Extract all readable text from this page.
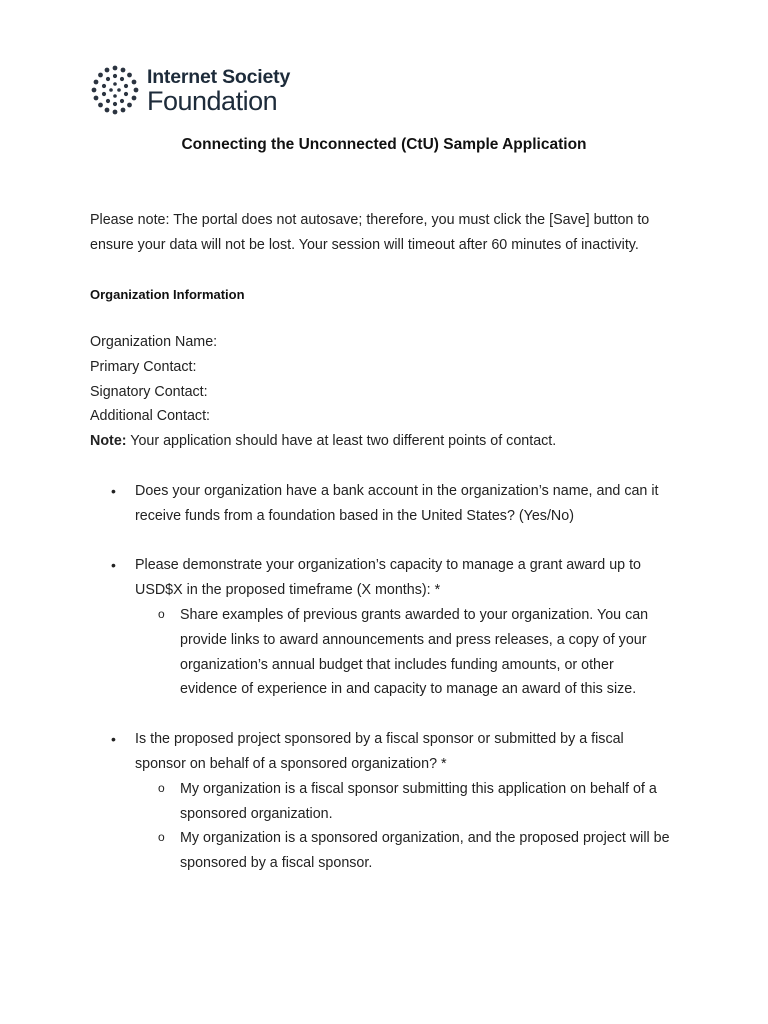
Internet Society
Foundation
Connecting the Unconnected (CtU) Sample Application
Please note: The portal does not autosave; therefore, you must click the [Save] button to
ensure your data will not be lost. Your session will timeout after 60 minutes of inactivity.
Organization Information
Organization Name:
Primary Contact:
Signatory Contact:
Additional Contact:
Note: Your application should have at least two different points of contact.
• Does your organization have a bank account in the organization’s name, and can it
receive funds from a foundation based in the United States? (Yes/No)
• Please demonstrate your organization’s capacity to manage a grant award up to
USD$X in the proposed timeframe (X months): *
o Share examples of previous grants awarded to your organization. You can
provide links to award announcements and press releases, a copy of your
organization’s annual budget that includes funding amounts, or other
evidence of experience in and capacity to manage an award of this size.
• Is the proposed project sponsored by a fiscal sponsor or submitted by a fiscal
sponsor on behalf of a sponsored organization? *
o My organization is a fiscal sponsor submitting this application on behalf of a
sponsored organization.
o My organization is a sponsored organization, and the proposed project will be
sponsored by a fiscal sponsor.
